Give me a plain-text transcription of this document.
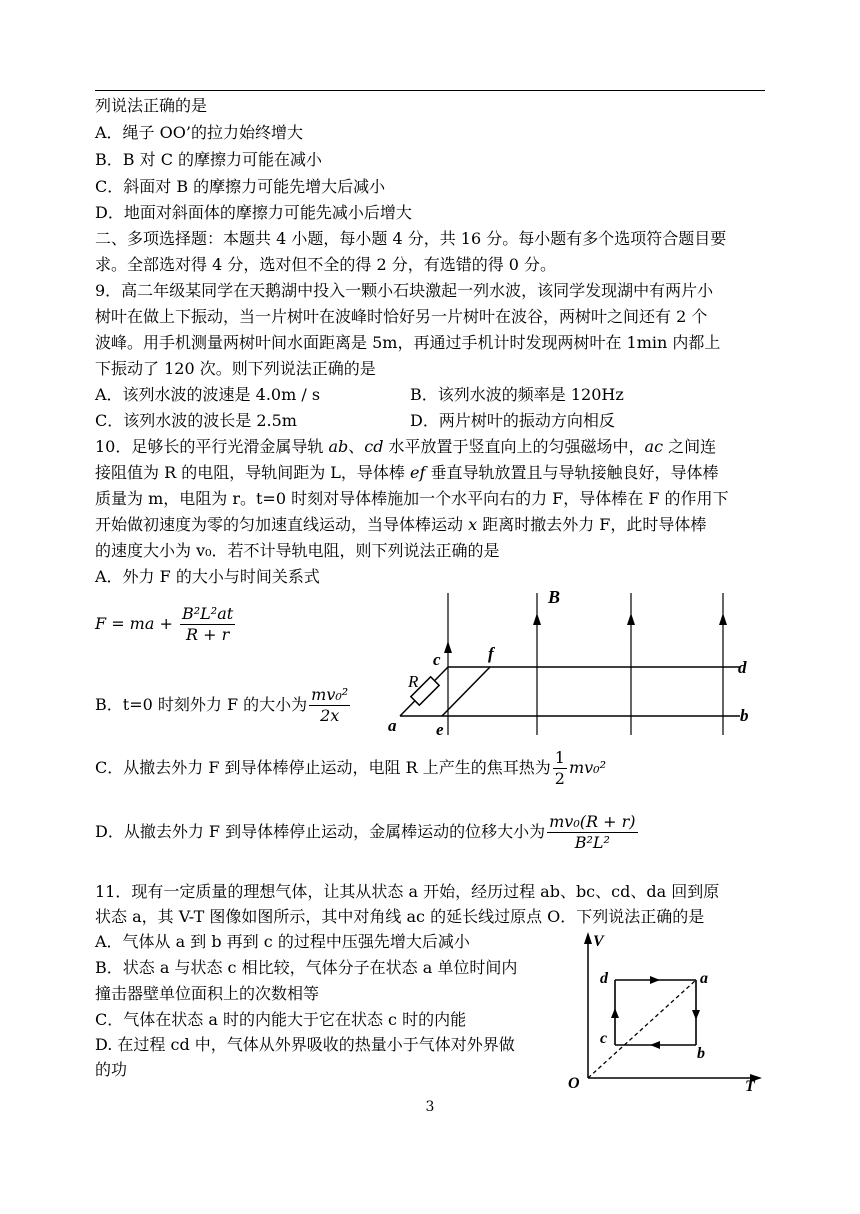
列说法正确的是
A．绳子 OO’的拉力始终增大
B．B 对 C 的摩擦力可能在减小
C．斜面对 B 的摩擦力可能先增大后减小
D．地面对斜面体的摩擦力可能先减小后增大
二、多项选择题：本题共 4 小题，每小题 4 分，共 16 分。每小题有多个选项符合题目要
求。全部选对得 4 分，选对但不全的得 2 分，有选错的得 0 分。
9．高二年级某同学在天鹅湖中投入一颗小石块激起一列水波，该同学发现湖中有两片小
树叶在做上下振动，当一片树叶在波峰时恰好另一片树叶在波谷，两树叶之间还有 2 个
波峰。用手机测量两树叶间水面距离是 5m，再通过手机计时发现两树叶在 1min 内都上
下振动了 120 次。则下列说法正确的是
A．该列水波的波速是 4.0m / s	B．该列水波的频率是 120Hz
C．该列水波的波长是 2.5m	D．两片树叶的振动方向相反
10．足够长的平行光滑金属导轨 ab、cd 水平放置于竖直向上的匀强磁场中，ac 之间连
接阻值为 R 的电阻，导轨间距为 L，导体棒 ef 垂直导轨放置且与导轨接触良好，导体棒
质量为 m，电阻为 r。t=0 时刻对导体棒施加一个水平向右的力 F，导体棒在 F 的作用下
开始做初速度为零的匀加速直线运动，当导体棒运动 x 距离时撤去外力 F，此时导体棒
的速度大小为 v₀．若不计导轨电阻，则下列说法正确的是
A．外力 F 的大小与时间关系式
F = ma + $\frac{\text{B²L²at}}{R + r}$
B．t=0 时刻外力 F 的大小为 $\frac{\text{mv₀²}}{2x}$
C．从撤去外力 F 到导体棒停止运动，电阻 R 上产生的焦耳热为 $\frac{1}{2} mv_0^2$
D．从撤去外力 F 到导体棒停止运动，金属棒运动的位移大小为 $\frac{\text{mv₀(R + r)}}{\text{B²L²}}$
B
c	f
d
R
a e
b
11．现有一定质量的理想气体，让其从状态 a 开始，经历过程 ab、bc、cd、da 回到原
状态 a，其 V-T 图像如图所示，其中对角线 ac 的延长线过原点 O．下列说法正确的是
A．气体从 a 到 b 再到 c 的过程中压强先增大后减小
B．状态 a 与状态 c 相比较，气体分子在状态 a 单位时间内
撞击器壁单位面积上的次数相等
C．气体在状态 a 时的内能大于它在状态 c 时的内能
D. 在过程 cd 中，气体从外界吸收的热量小于气体对外界做
的功
V
T
O
a
b
c
d
3
